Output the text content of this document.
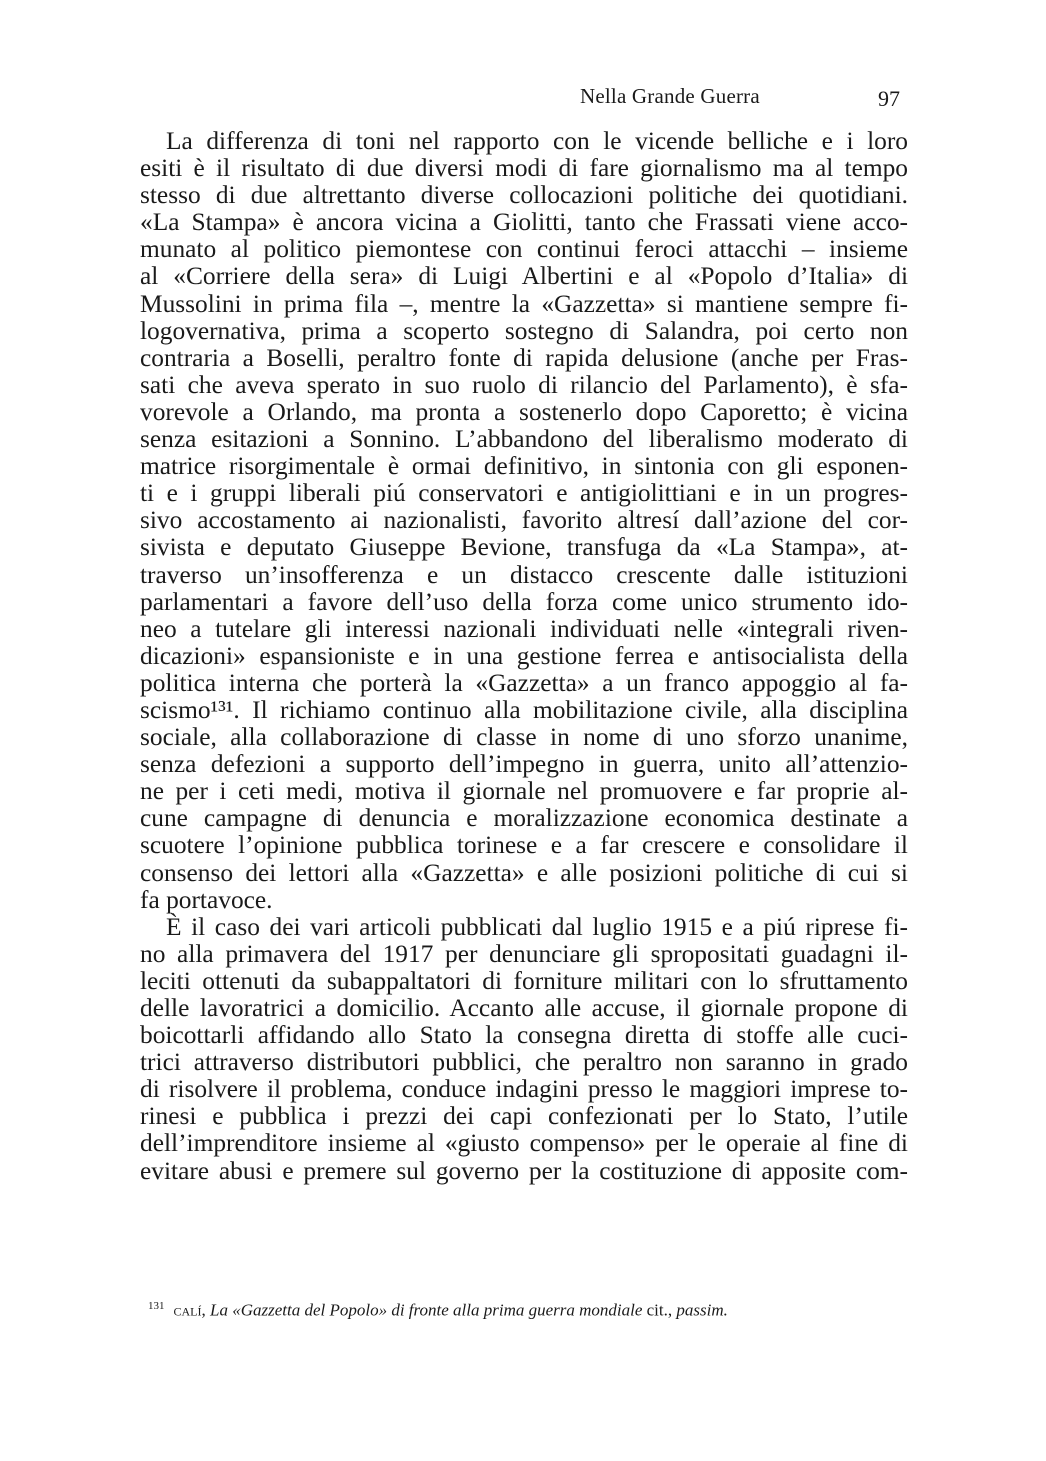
Nella Grande Guerra	97
La differenza di toni nel rapporto con le vicende belliche e i loro
esiti è il risultato di due diversi modi di fare giornalismo ma al tempo
stesso di due altrettanto diverse collocazioni politiche dei quotidiani.
«La Stampa» è ancora vicina a Giolitti, tanto che Frassati viene acco-
munato al politico piemontese con continui feroci attacchi – insieme
al «Corriere della sera» di Luigi Albertini e al «Popolo d’Italia» di
Mussolini in prima fila –, mentre la «Gazzetta» si mantiene sempre fi-
logovernativa, prima a scoperto sostegno di Salandra, poi certo non
contraria a Boselli, peraltro fonte di rapida delusione (anche per Fras-
sati che aveva sperato in suo ruolo di rilancio del Parlamento), è sfa-
vorevole a Orlando, ma pronta a sostenerlo dopo Caporetto; è vicina
senza esitazioni a Sonnino. L’abbandono del liberalismo moderato di
matrice risorgimentale è ormai definitivo, in sintonia con gli esponen-
ti e i gruppi liberali piú conservatori e antigiolittiani e in un progres-
sivo accostamento ai nazionalisti, favorito altresí dall’azione del cor-
sivista e deputato Giuseppe Bevione, transfuga da «La Stampa», at-
traverso un’insofferenza e un distacco crescente dalle istituzioni
parlamentari a favore dell’uso della forza come unico strumento ido-
neo a tutelare gli interessi nazionali individuati nelle «integrali riven-
dicazioni» espansioniste e in una gestione ferrea e antisocialista della
politica interna che porterà la «Gazzetta» a un franco appoggio al fa-
scismo¹³¹. Il richiamo continuo alla mobilitazione civile, alla disciplina
sociale, alla collaborazione di classe in nome di uno sforzo unanime,
senza defezioni a supporto dell’impegno in guerra, unito all’attenzio-
ne per i ceti medi, motiva il giornale nel promuovere e far proprie al-
cune campagne di denuncia e moralizzazione economica destinate a
scuotere l’opinione pubblica torinese e a far crescere e consolidare il
consenso dei lettori alla «Gazzetta» e alle posizioni politiche di cui si
fa portavoce.
È il caso dei vari articoli pubblicati dal luglio 1915 e a piú riprese fi-
no alla primavera del 1917 per denunciare gli spropositati guadagni il-
leciti ottenuti da subappaltatori di forniture militari con lo sfruttamento
delle lavoratrici a domicilio. Accanto alle accuse, il giornale propone di
boicottarli affidando allo Stato la consegna diretta di stoffe alle cuci-
trici attraverso distributori pubblici, che peraltro non saranno in grado
di risolvere il problema, conduce indagini presso le maggiori imprese to-
rinesi e pubblica i prezzi dei capi confezionati per lo Stato, l’utile
dell’imprenditore insieme al «giusto compenso» per le operaie al fine di
evitare abusi e premere sul governo per la costituzione di apposite com-
$^{131}$ calí, La «Gazzetta del Popolo» di fronte alla prima guerra mondiale cit., passim.
